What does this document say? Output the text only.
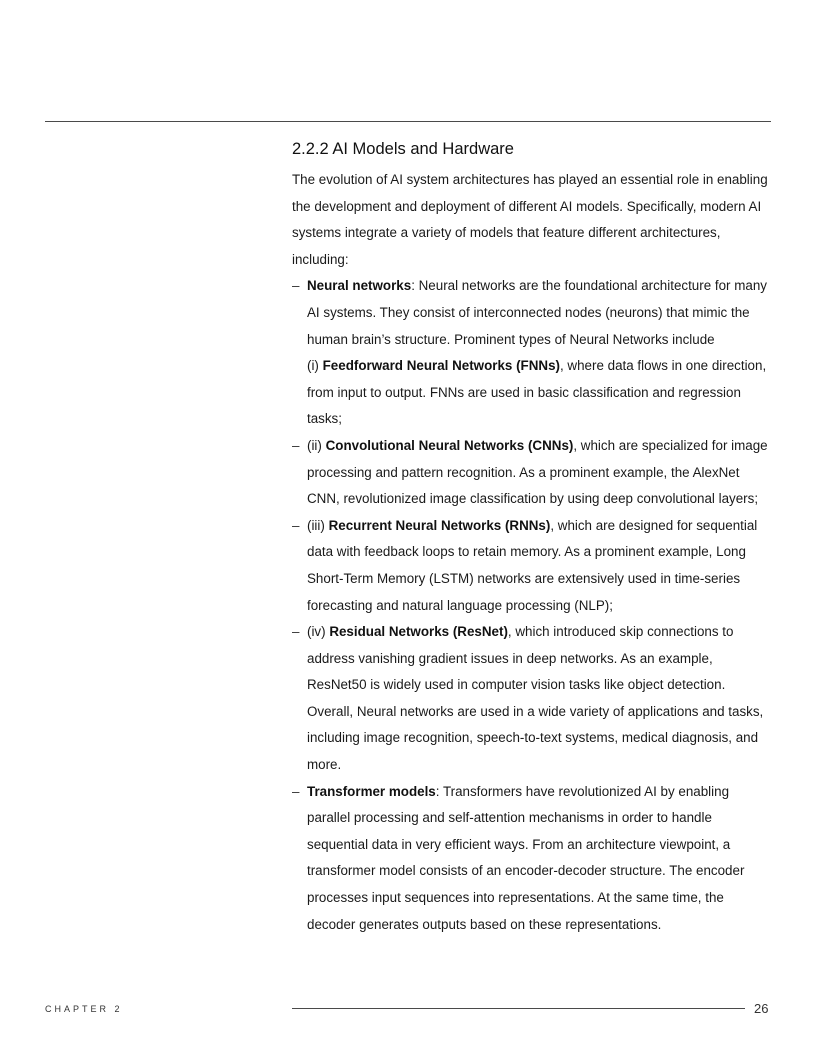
2.2.2 AI Models and Hardware
The evolution of AI system architectures has played an essential role in enabling the development and deployment of different AI models. Specifically, modern AI systems integrate a variety of models that feature different architectures, including:
– Neural networks: Neural networks are the foundational architecture for many AI systems. They consist of interconnected nodes (neurons) that mimic the human brain’s structure. Prominent types of Neural Networks include
(i) Feedforward Neural Networks (FNNs), where data flows in one direction, from input to output. FNNs are used in basic classification and regression tasks;
– (ii) Convolutional Neural Networks (CNNs), which are specialized for image processing and pattern recognition. As a prominent example, the AlexNet CNN, revolutionized image classification by using deep convolutional layers;
– (iii) Recurrent Neural Networks (RNNs), which are designed for sequential data with feedback loops to retain memory. As a prominent example, Long Short-Term Memory (LSTM) networks are extensively used in time-series forecasting and natural language processing (NLP);
– (iv) Residual Networks (ResNet), which introduced skip connections to address vanishing gradient issues in deep networks. As an example, ResNet50 is widely used in computer vision tasks like object detection. Overall, Neural networks are used in a wide variety of applications and tasks, including image recognition, speech-to-text systems, medical diagnosis, and more.
– Transformer models: Transformers have revolutionized AI by enabling parallel processing and self-attention mechanisms in order to handle sequential data in very efficient ways. From an architecture viewpoint, a transformer model consists of an encoder-decoder structure. The encoder processes input sequences into representations. At the same time, the decoder generates outputs based on these representations.
CHAPTER 2	26
